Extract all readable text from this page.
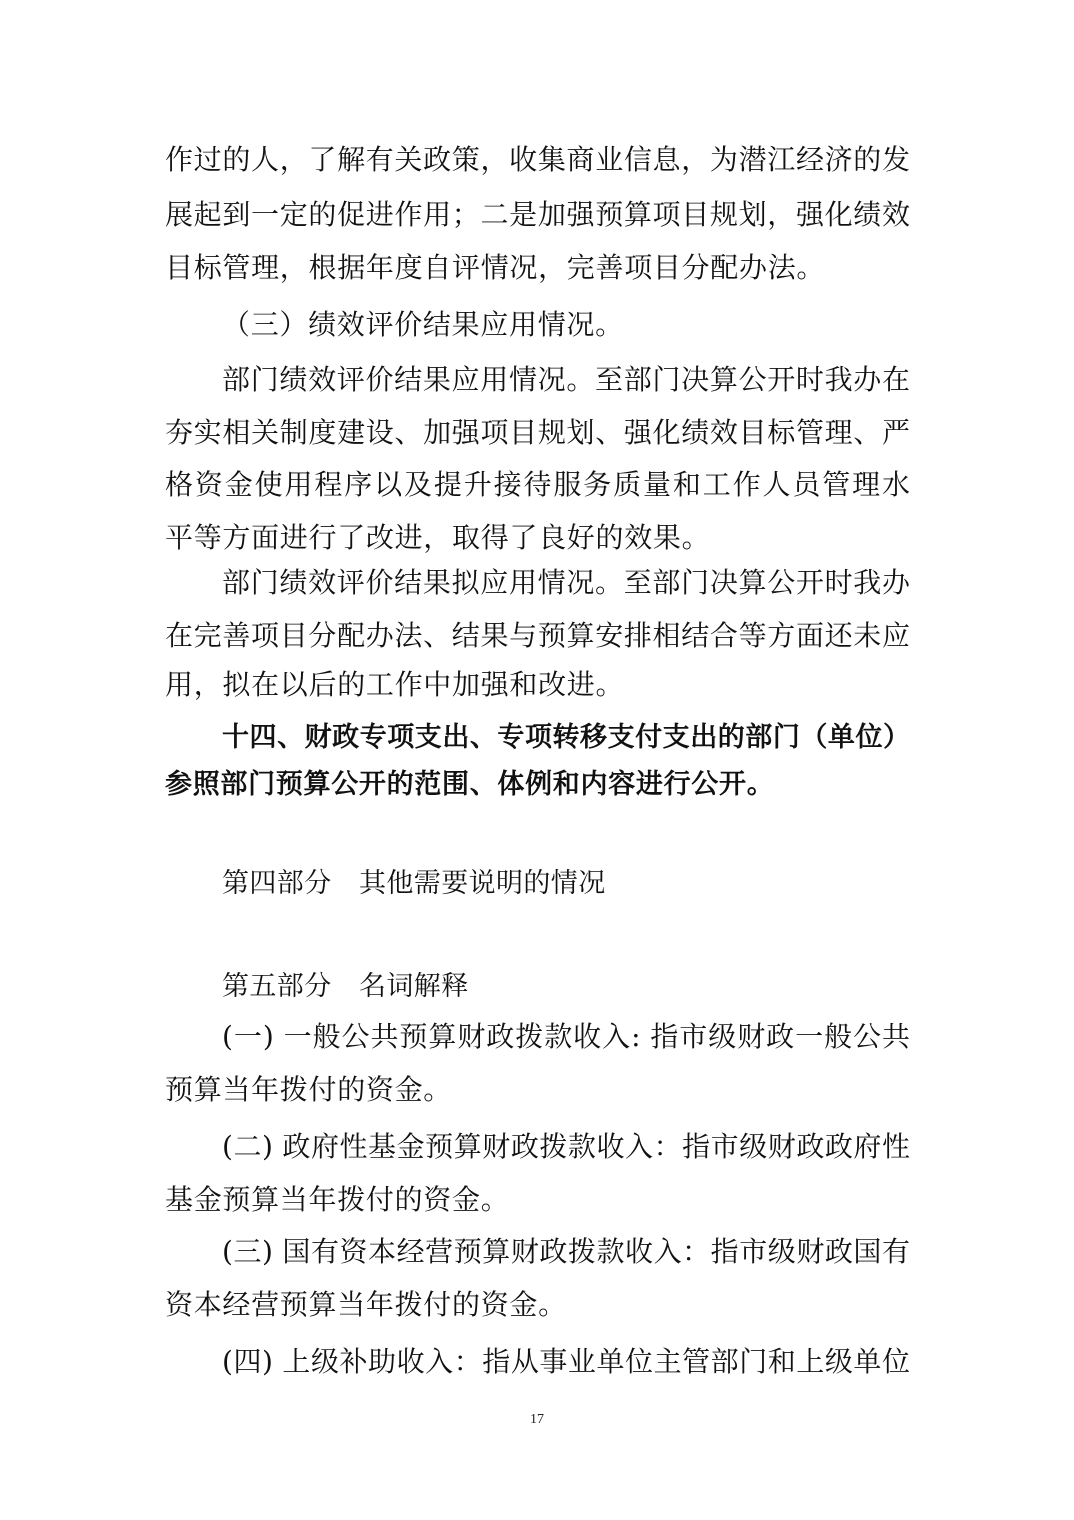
作过的人，了解有关政策，收集商业信息，为潜江经济的发
展起到一定的促进作用；二是加强预算项目规划，强化绩效
目标管理，根据年度自评情况，完善项目分配办法。
（三）绩效评价结果应用情况。
部门绩效评价结果应用情况。至部门决算公开时我办在
夯实相关制度建设、加强项目规划、强化绩效目标管理、严
格资金使用程序以及提升接待服务质量和工作人员管理水
平等方面进行了改进，取得了良好的效果。
部门绩效评价结果拟应用情况。至部门决算公开时我办
在完善项目分配办法、结果与预算安排相结合等方面还未应
用，拟在以后的工作中加强和改进。
十四、财政专项支出、专项转移支付支出的部门（单位）
参照部门预算公开的范围、体例和内容进行公开。
第四部分　其他需要说明的情况
第五部分　名词解释
(一) 一般公共预算财政拨款收入: 指市级财政一般公共
预算当年拨付的资金。
(二) 政府性基金预算财政拨款收入：指市级财政政府性
基金预算当年拨付的资金。
(三) 国有资本经营预算财政拨款收入：指市级财政国有
资本经营预算当年拨付的资金。
(四) 上级补助收入：指从事业单位主管部门和上级单位
17
